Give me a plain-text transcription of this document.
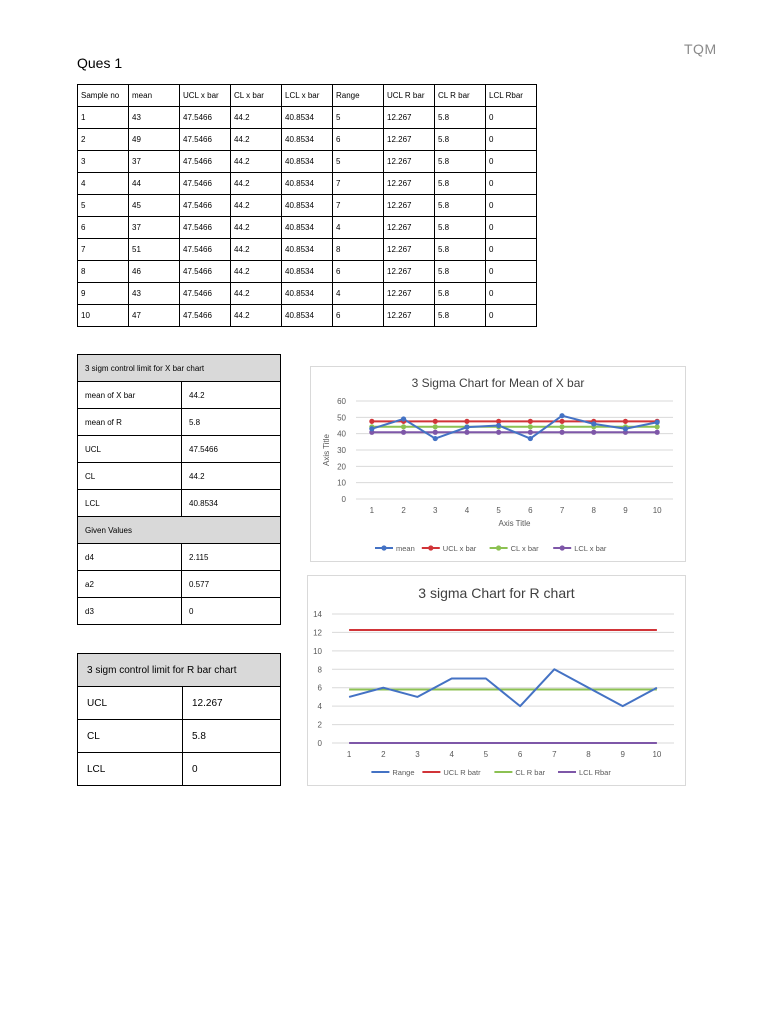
TQM
Ques 1
Sample no	mean	UCL x bar	CL x bar	LCL x bar	Range	UCL R bar	CL R bar	LCL Rbar
1	43	47.5466	44.2	40.8534	5	12.267	5.8	0
2	49	47.5466	44.2	40.8534	6	12.267	5.8	0
3	37	47.5466	44.2	40.8534	5	12.267	5.8	0
4	44	47.5466	44.2	40.8534	7	12.267	5.8	0
5	45	47.5466	44.2	40.8534	7	12.267	5.8	0
6	37	47.5466	44.2	40.8534	4	12.267	5.8	0
7	51	47.5466	44.2	40.8534	8	12.267	5.8	0
8	46	47.5466	44.2	40.8534	6	12.267	5.8	0
9	43	47.5466	44.2	40.8534	4	12.267	5.8	0
10	47	47.5466	44.2	40.8534	6	12.267	5.8	0
3 sigm control limit for X bar chart	
mean of X bar	44.2
mean of R	5.8
UCL	47.5466
CL	44.2
LCL	40.8534
Given Values	
d4	2.115
a2	0.577
d3	0
3 sigm control limit for R bar chart	
UCL	12.267
CL	5.8
LCL	0
3 Sigma Chart for Mean of X bar
0
10
20
30
40
50
60
1	2	3	4	5	6	7	8	9	10
Axis Title
Axis Title
mean	UCL x bar	CL x bar	LCL x bar
3 sigma Chart for R chart
0
2
4
6
8
10
12
14
1	2	3	4	5	6	7	8	9	10
Range	UCL R batr	CL R bar	LCL Rbar
